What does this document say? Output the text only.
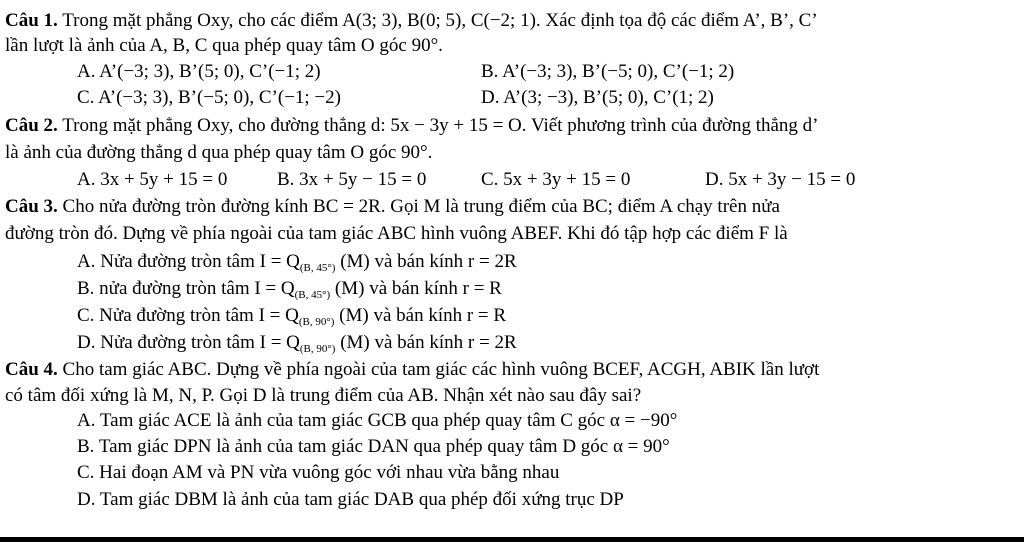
Câu 1. Trong mặt phẳng Oxy, cho các điểm A(3; 3), B(0; 5), C(−2; 1). Xác định tọa độ các điểm A’, B’, C’
lần lượt là ảnh của A, B, C qua phép quay tâm O góc 90°.
A. A’(−3; 3), B’(5; 0), C’(−1; 2)	B. A’(−3; 3), B’(−5; 0), C’(−1; 2)
C. A’(−3; 3), B’(−5; 0), C’(−1; −2)	D. A’(3; −3), B’(5; 0), C’(1; 2)
Câu 2. Trong mặt phẳng Oxy, cho đường thẳng d: 5x − 3y + 15 = O. Viết phương trình của đường thẳng d’
là ảnh của đường thẳng d qua phép quay tâm O góc 90°.
A. 3x + 5y + 15 = 0	B. 3x + 5y − 15 = 0	C. 5x + 3y + 15 = 0	D. 5x + 3y − 15 = 0
Câu 3. Cho nửa đường tròn đường kính BC = 2R. Gọi M là trung điểm của BC; điểm A chạy trên nửa
đường tròn đó. Dựng về phía ngoài của tam giác ABC hình vuông ABEF. Khi đó tập hợp các điểm F là
A. Nửa đường tròn tâm $I = Q_{(B, 45^\circ)}$ (M) và bán kính r = 2R
B. nửa đường tròn tâm $I = Q_{(B, 45^\circ)}$ (M) và bán kính r = R
C. Nửa đường tròn tâm $I = Q_{(B, 90^\circ)}$ (M) và bán kính r = R
D. Nửa đường tròn tâm $I = Q_{(B, 90^\circ)}$ (M) và bán kính r = 2R
Câu 4. Cho tam giác ABC. Dựng về phía ngoài của tam giác các hình vuông BCEF, ACGH, ABIK lần lượt
có tâm đối xứng là M, N, P. Gọi D là trung điểm của AB. Nhận xét nào sau đây sai?
A. Tam giác ACE là ảnh của tam giác GCB qua phép quay tâm C góc α = −90°
B. Tam giác DPN là ảnh của tam giác DAN qua phép quay tâm D góc α = 90°
C. Hai đoạn AM và PN vừa vuông góc với nhau vừa bằng nhau
D. Tam giác DBM là ảnh của tam giác DAB qua phép đối xứng trục DP
